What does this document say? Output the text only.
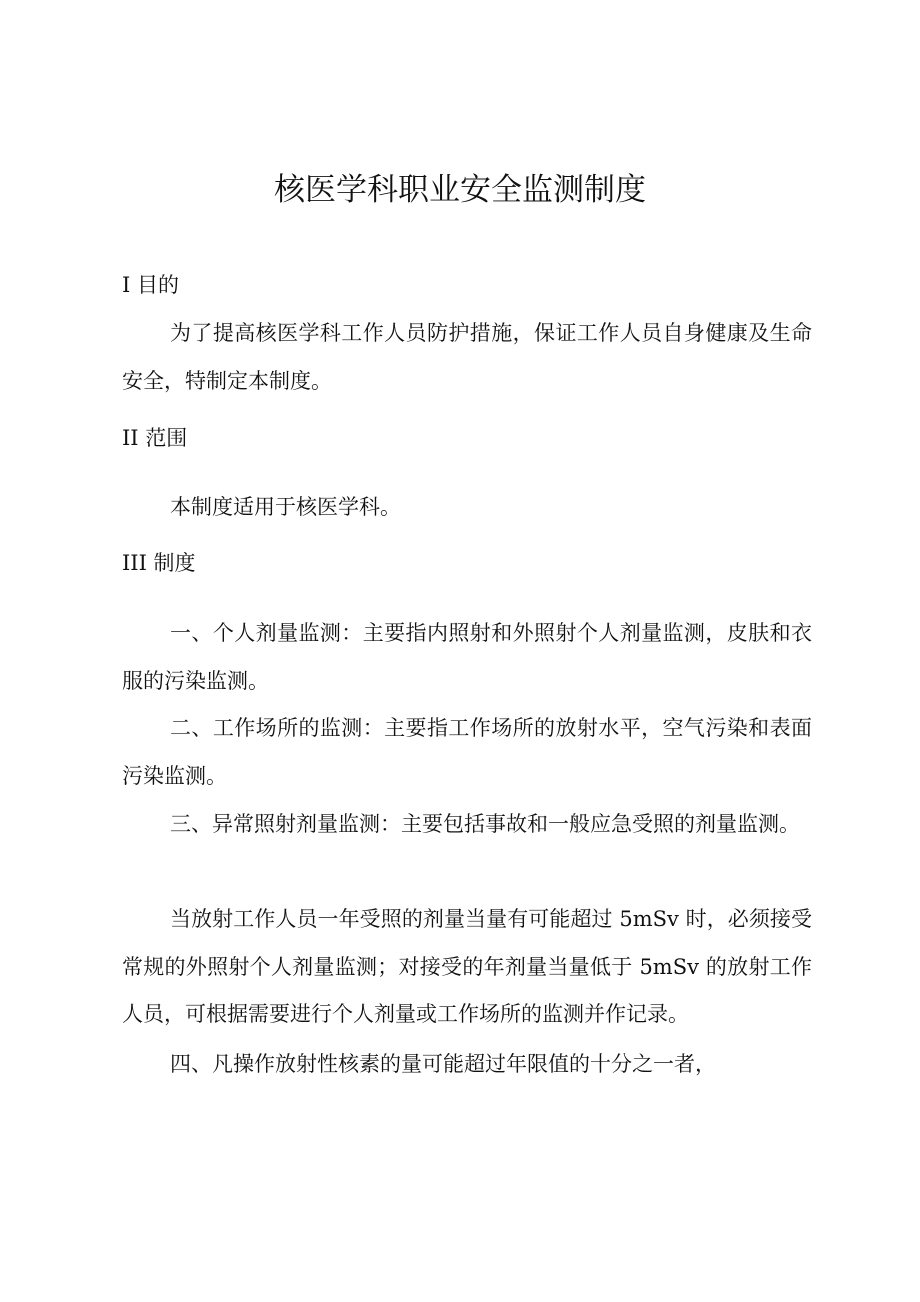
核医学科职业安全监测制度

I 目的

为了提高核医学科工作人员防护措施，保证工作人员自身健康及生命安全，特制定本制度。

II 范围

本制度适用于核医学科。

III 制度

一、个人剂量监测：主要指内照射和外照射个人剂量监测，皮肤和衣服的污染监测。

二、工作场所的监测：主要指工作场所的放射水平，空气污染和表面污染监测。

三、异常照射剂量监测：主要包括事故和一般应急受照的剂量监测。

当放射工作人员一年受照的剂量当量有可能超过 5mSv 时，必须接受常规的外照射个人剂量监测；对接受的年剂量当量低于 5mSv 的放射工作人员，可根据需要进行个人剂量或工作场所的监测并作记录。

四、凡操作放射性核素的量可能超过年限值的十分之一者，
